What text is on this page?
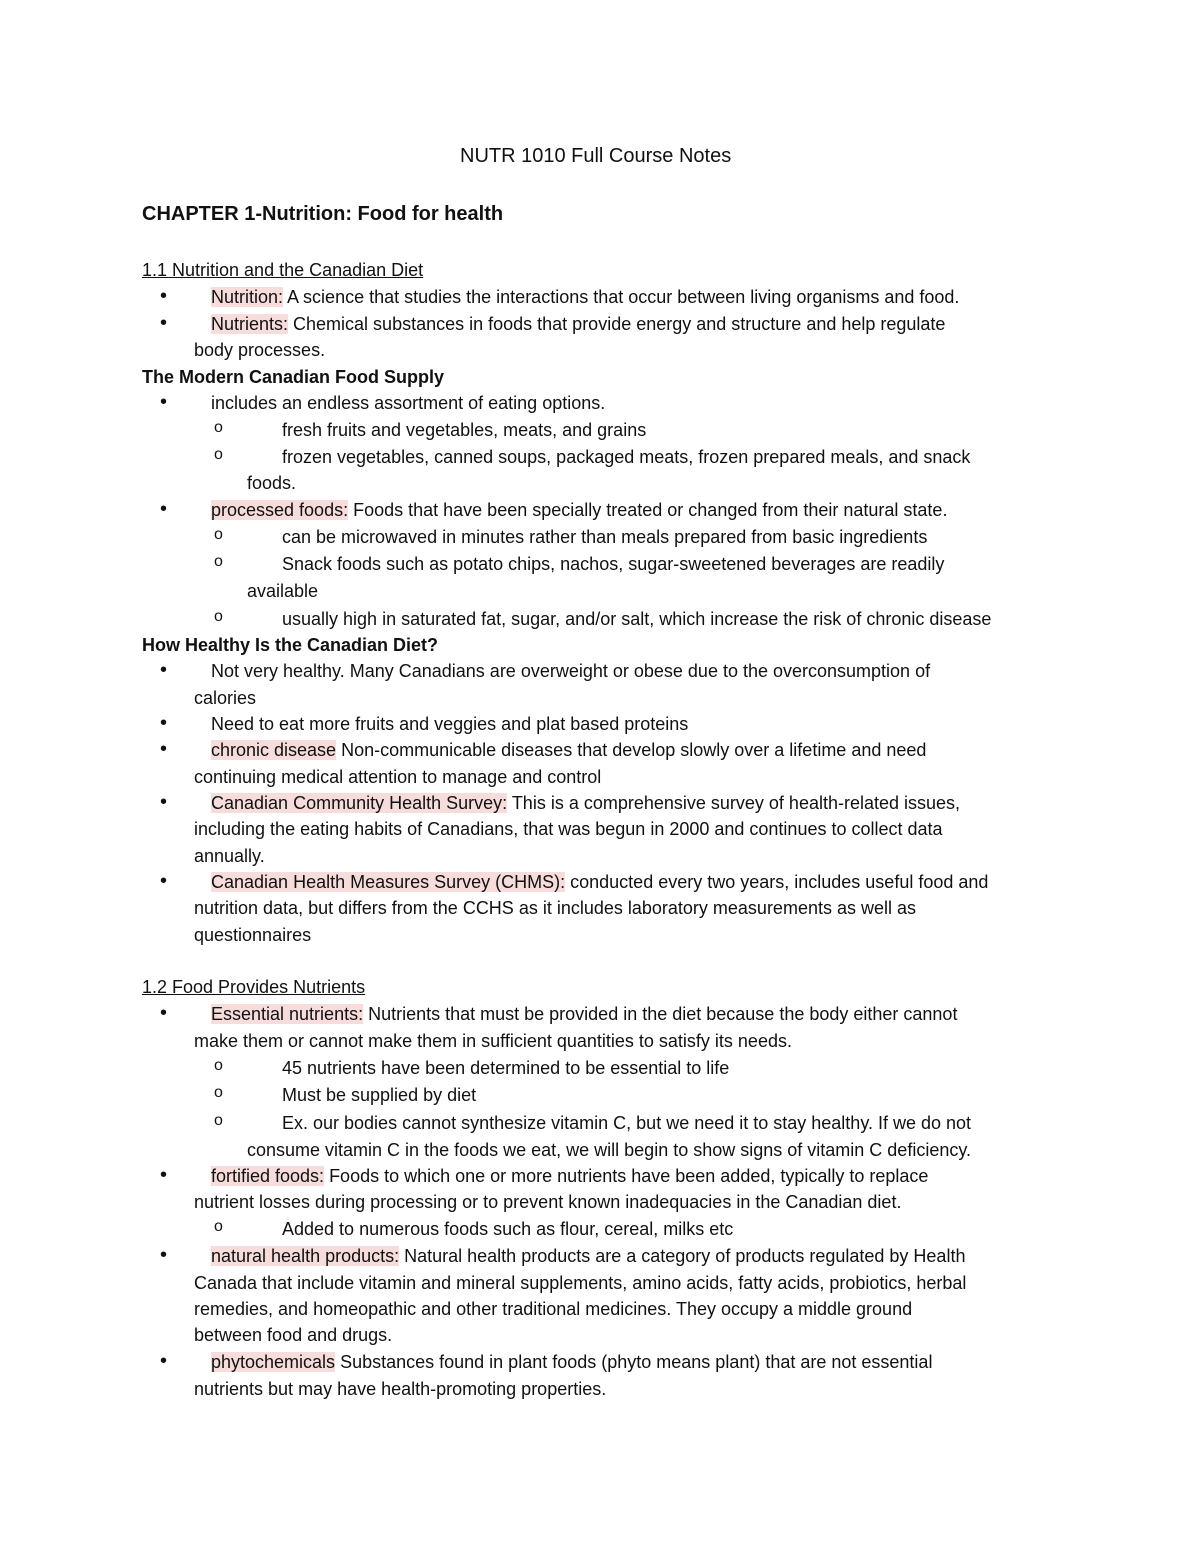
NUTR 1010 Full Course Notes
CHAPTER 1-Nutrition: Food for health
1.1 Nutrition and the Canadian Diet
• Nutrition: A science that studies the interactions that occur between living organisms and food.
• Nutrients: Chemical substances in foods that provide energy and structure and help regulate
body processes.
The Modern Canadian Food Supply
• includes an endless assortment of eating options.
o fresh fruits and vegetables, meats, and grains
o frozen vegetables, canned soups, packaged meats, frozen prepared meals, and snack
foods.
• processed foods: Foods that have been specially treated or changed from their natural state.
o can be microwaved in minutes rather than meals prepared from basic ingredients
o Snack foods such as potato chips, nachos, sugar-sweetened beverages are readily
available
o usually high in saturated fat, sugar, and/or salt, which increase the risk of chronic disease
How Healthy Is the Canadian Diet?
• Not very healthy. Many Canadians are overweight or obese due to the overconsumption of
calories
• Need to eat more fruits and veggies and plat based proteins
• chronic disease Non-communicable diseases that develop slowly over a lifetime and need
continuing medical attention to manage and control
• Canadian Community Health Survey: This is a comprehensive survey of health-related issues,
including the eating habits of Canadians, that was begun in 2000 and continues to collect data
annually.
• Canadian Health Measures Survey (CHMS): conducted every two years, includes useful food and
nutrition data, but differs from the CCHS as it includes laboratory measurements as well as
questionnaires
1.2 Food Provides Nutrients
• Essential nutrients: Nutrients that must be provided in the diet because the body either cannot
make them or cannot make them in sufficient quantities to satisfy its needs.
o 45 nutrients have been determined to be essential to life
o Must be supplied by diet
o Ex. our bodies cannot synthesize vitamin C, but we need it to stay healthy. If we do not
consume vitamin C in the foods we eat, we will begin to show signs of vitamin C deficiency.
• fortified foods: Foods to which one or more nutrients have been added, typically to replace
nutrient losses during processing or to prevent known inadequacies in the Canadian diet.
o Added to numerous foods such as flour, cereal, milks etc
• natural health products: Natural health products are a category of products regulated by Health
Canada that include vitamin and mineral supplements, amino acids, fatty acids, probiotics, herbal
remedies, and homeopathic and other traditional medicines. They occupy a middle ground
between food and drugs.
• phytochemicals Substances found in plant foods (phyto means plant) that are not essential
nutrients but may have health-promoting properties.
